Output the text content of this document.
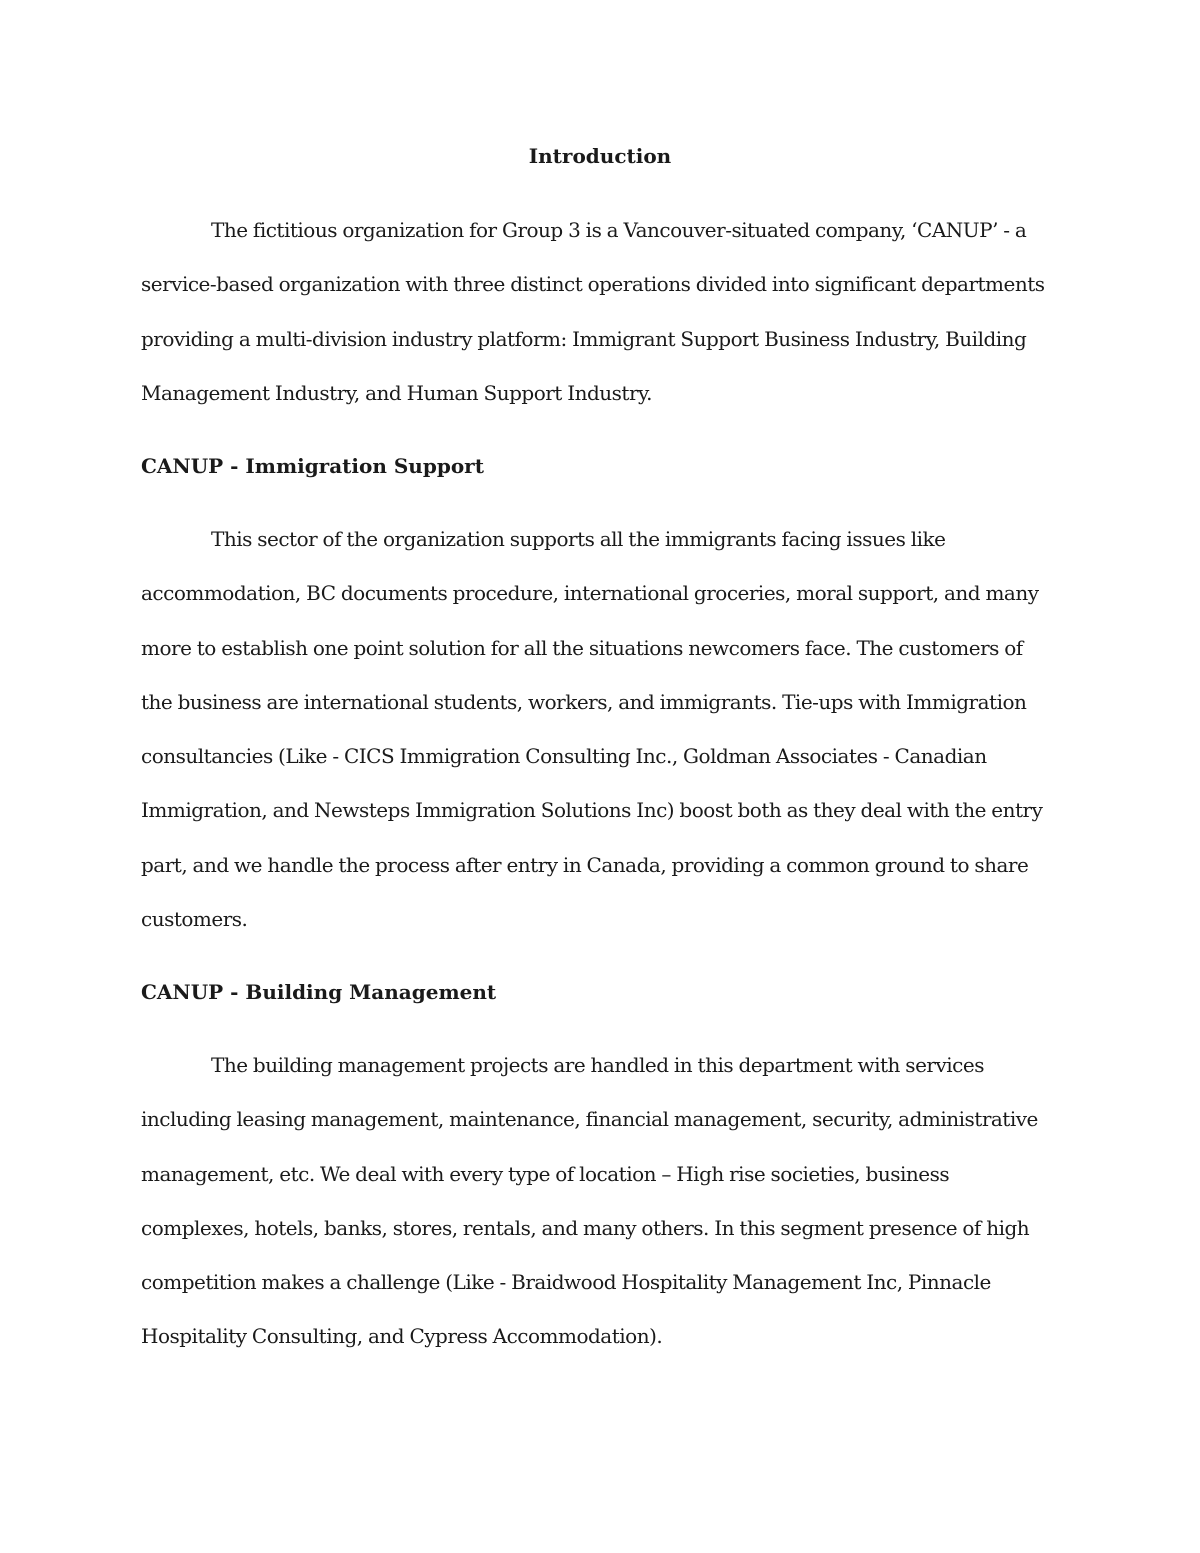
Introduction

The fictitious organization for Group 3 is a Vancouver-situated company, ‘CANUP’ - a service-based organization with three distinct operations divided into significant departments providing a multi-division industry platform: Immigrant Support Business Industry, Building Management Industry, and Human Support Industry.

CANUP - Immigration Support

This sector of the organization supports all the immigrants facing issues like accommodation, BC documents procedure, international groceries, moral support, and many more to establish one point solution for all the situations newcomers face. The customers of the business are international students, workers, and immigrants. Tie-ups with Immigration consultancies (Like - CICS Immigration Consulting Inc., Goldman Associates - Canadian Immigration, and Newsteps Immigration Solutions Inc) boost both as they deal with the entry part, and we handle the process after entry in Canada, providing a common ground to share customers.

CANUP - Building Management

The building management projects are handled in this department with services including leasing management, maintenance, financial management, security, administrative management, etc. We deal with every type of location – High rise societies, business complexes, hotels, banks, stores, rentals, and many others. In this segment presence of high competition makes a challenge (Like - Braidwood Hospitality Management Inc, Pinnacle Hospitality Consulting, and Cypress Accommodation).
